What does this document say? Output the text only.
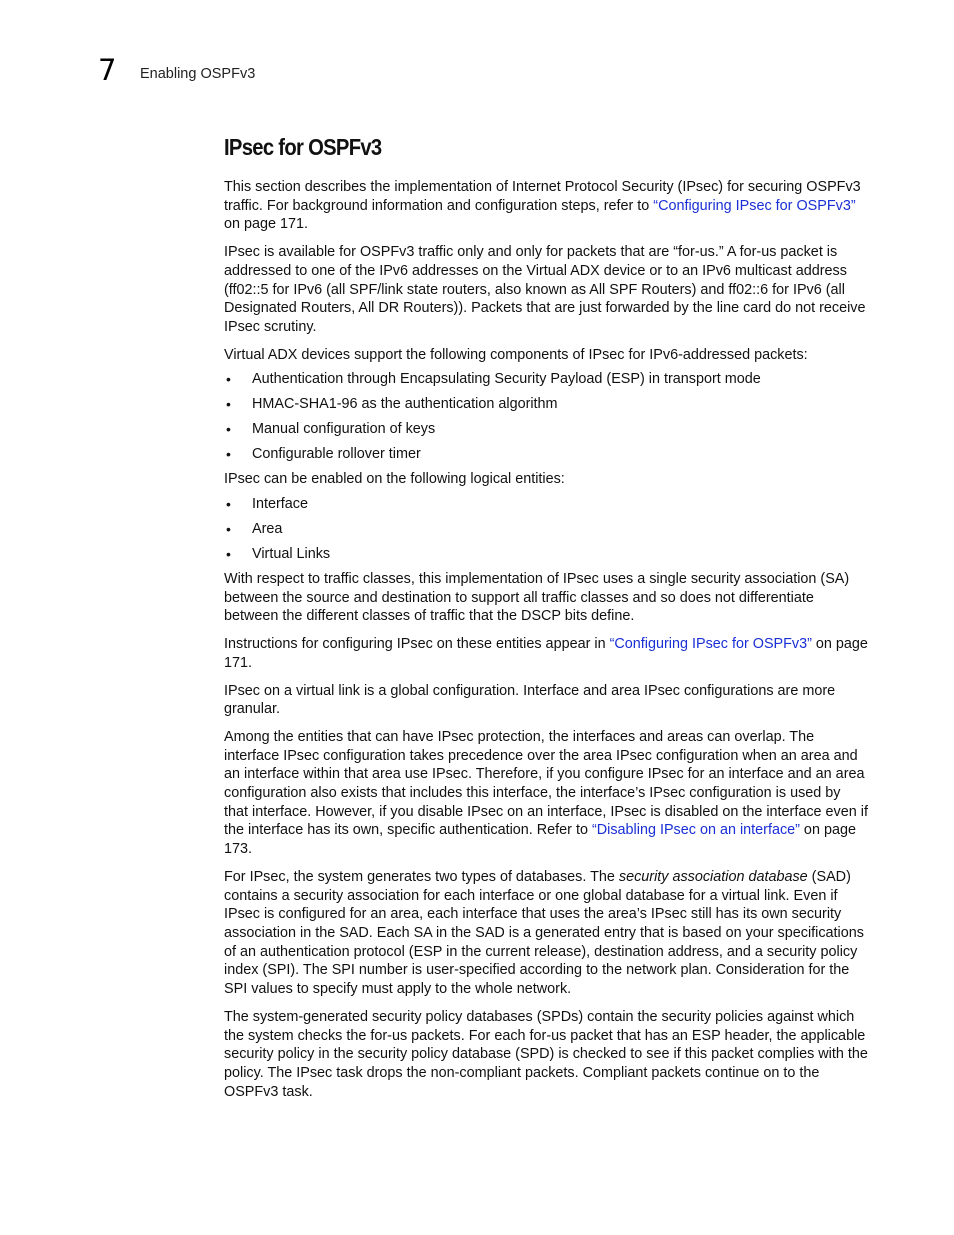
7 Enabling OSPFv3
IPsec for OSPFv3

This section describes the implementation of Internet Protocol Security (IPsec) for securing OSPFv3 traffic. For background information and configuration steps, refer to “Configuring IPsec for OSPFv3” on page 171.

IPsec is available for OSPFv3 traffic only and only for packets that are “for-us.” A for-us packet is addressed to one of the IPv6 addresses on the Virtual ADX device or to an IPv6 multicast address (ff02::5 for IPv6 (all SPF/link state routers, also known as All SPF Routers) and ff02::6 for IPv6 (all Designated Routers, All DR Routers)). Packets that are just forwarded by the line card do not receive IPsec scrutiny.

Virtual ADX devices support the following components of IPsec for IPv6-addressed packets:

• Authentication through Encapsulating Security Payload (ESP) in transport mode
• HMAC-SHA1-96 as the authentication algorithm
• Manual configuration of keys
• Configurable rollover timer

IPsec can be enabled on the following logical entities:

• Interface
• Area
• Virtual Links

With respect to traffic classes, this implementation of IPsec uses a single security association (SA) between the source and destination to support all traffic classes and so does not differentiate between the different classes of traffic that the DSCP bits define.

Instructions for configuring IPsec on these entities appear in “Configuring IPsec for OSPFv3” on page 171.

IPsec on a virtual link is a global configuration. Interface and area IPsec configurations are more granular.

Among the entities that can have IPsec protection, the interfaces and areas can overlap. The interface IPsec configuration takes precedence over the area IPsec configuration when an area and an interface within that area use IPsec. Therefore, if you configure IPsec for an interface and an area configuration also exists that includes this interface, the interface’s IPsec configuration is used by that interface. However, if you disable IPsec on an interface, IPsec is disabled on the interface even if the interface has its own, specific authentication. Refer to “Disabling IPsec on an interface” on page 173.

For IPsec, the system generates two types of databases. The security association database (SAD) contains a security association for each interface or one global database for a virtual link. Even if IPsec is configured for an area, each interface that uses the area’s IPsec still has its own security association in the SAD. Each SA in the SAD is a generated entry that is based on your specifications of an authentication protocol (ESP in the current release), destination address, and a security policy index (SPI). The SPI number is user-specified according to the network plan. Consideration for the SPI values to specify must apply to the whole network.

The system-generated security policy databases (SPDs) contain the security policies against which the system checks the for-us packets. For each for-us packet that has an ESP header, the applicable security policy in the security policy database (SPD) is checked to see if this packet complies with the policy. The IPsec task drops the non-compliant packets. Compliant packets continue on to the OSPFv3 task.
